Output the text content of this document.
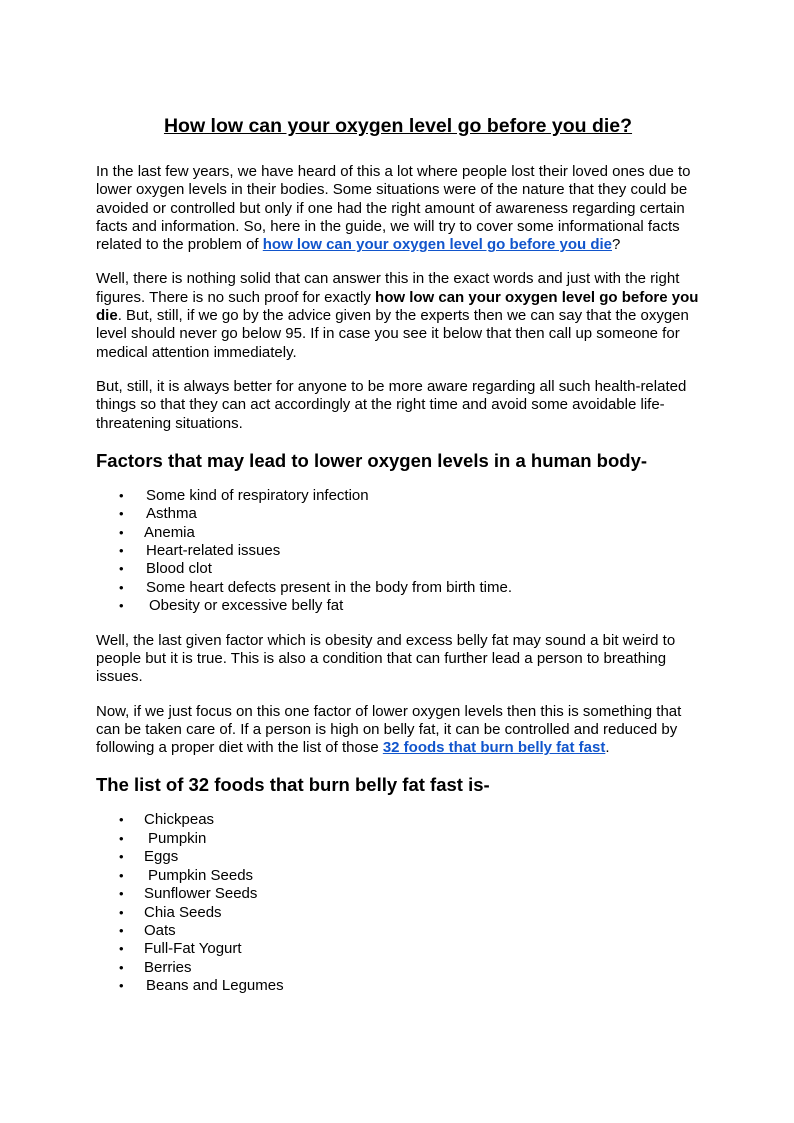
How low can your oxygen level go before you die?

In the last few years, we have heard of this a lot where people lost their loved ones due to lower oxygen levels in their bodies. Some situations were of the nature that they could be avoided or controlled but only if one had the right amount of awareness regarding certain facts and information. So, here in the guide, we will try to cover some informational facts related to the problem of how low can your oxygen level go before you die?

Well, there is nothing solid that can answer this in the exact words and just with the right figures. There is no such proof for exactly how low can your oxygen level go before you die. But, still, if we go by the advice given by the experts then we can say that the oxygen level should never go below 95. If in case you see it below that then call up someone for medical attention immediately.

But, still, it is always better for anyone to be more aware regarding all such health-related things so that they can act accordingly at the right time and avoid some avoidable life-threatening situations.

Factors that may lead to lower oxygen levels in a human body-
• Some kind of respiratory infection
• Asthma
• Anemia
• Heart-related issues
• Blood clot
• Some heart defects present in the body from birth time.
• Obesity or excessive belly fat

Well, the last given factor which is obesity and excess belly fat may sound a bit weird to people but it is true. This is also a condition that can further lead a person to breathing issues.

Now, if we just focus on this one factor of lower oxygen levels then this is something that can be taken care of. If a person is high on belly fat, it can be controlled and reduced by following a proper diet with the list of those 32 foods that burn belly fat fast.

The list of 32 foods that burn belly fat fast is-
• Chickpeas
• Pumpkin
• Eggs
• Pumpkin Seeds
• Sunflower Seeds
• Chia Seeds
• Oats
• Full-Fat Yogurt
• Berries
• Beans and Legumes
